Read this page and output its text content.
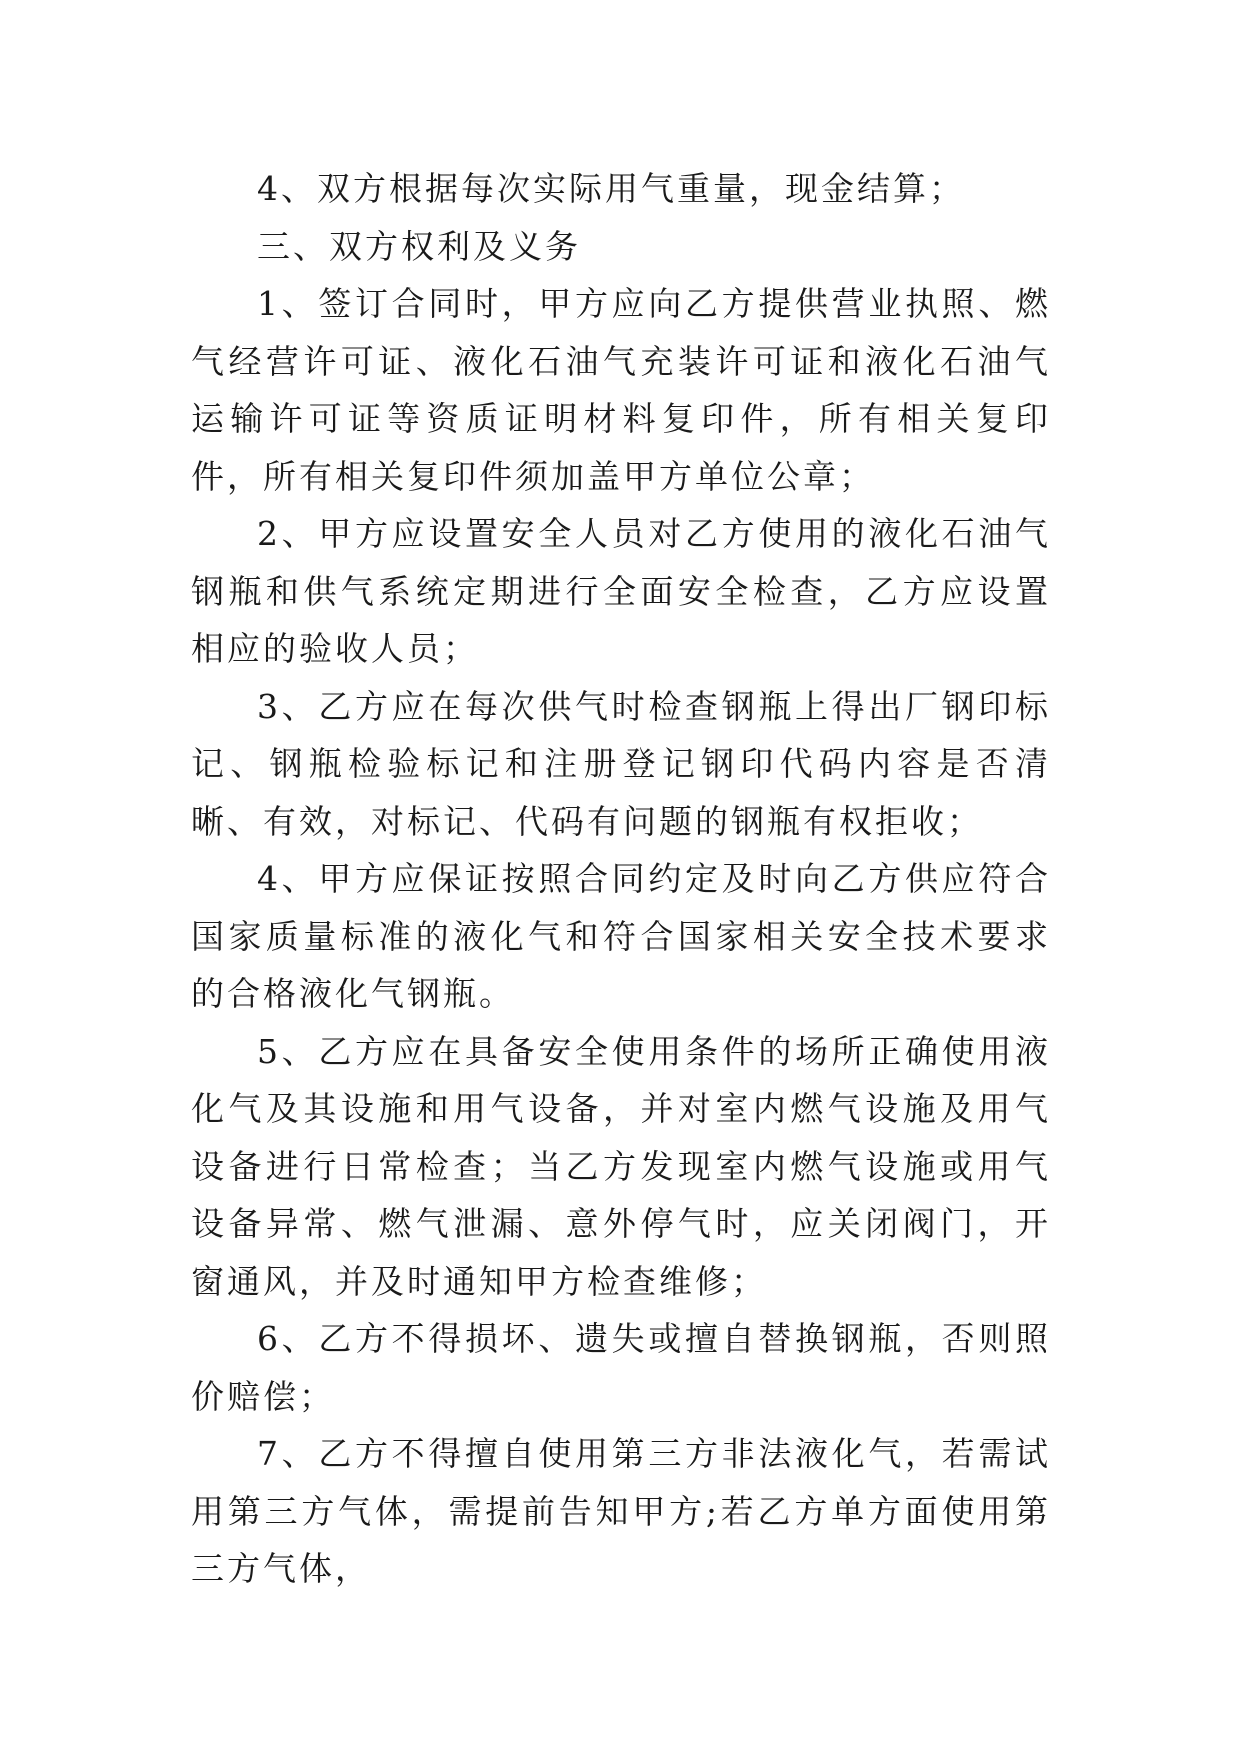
4、双方根据每次实际用气重量，现金结算；

三、双方权利及义务

1、签订合同时，甲方应向乙方提供营业执照、燃气经营许可证、液化石油气充装许可证和液化石油气运输许可证等资质证明材料复印件，所有相关复印件，所有相关复印件须加盖甲方单位公章；

2、甲方应设置安全人员对乙方使用的液化石油气钢瓶和供气系统定期进行全面安全检查，乙方应设置相应的验收人员；

3、乙方应在每次供气时检查钢瓶上得出厂钢印标记、钢瓶检验标记和注册登记钢印代码内容是否清晰、有效，对标记、代码有问题的钢瓶有权拒收；

4、甲方应保证按照合同约定及时向乙方供应符合国家质量标准的液化气和符合国家相关安全技术要求的合格液化气钢瓶。

5、乙方应在具备安全使用条件的场所正确使用液化气及其设施和用气设备，并对室内燃气设施及用气设备进行日常检查；当乙方发现室内燃气设施或用气设备异常、燃气泄漏、意外停气时，应关闭阀门，开窗通风，并及时通知甲方检查维修；

6、乙方不得损坏、遗失或擅自替换钢瓶，否则照价赔偿；

7、乙方不得擅自使用第三方非法液化气，若需试用第三方气体，需提前告知甲方;若乙方单方面使用第三方气体，
